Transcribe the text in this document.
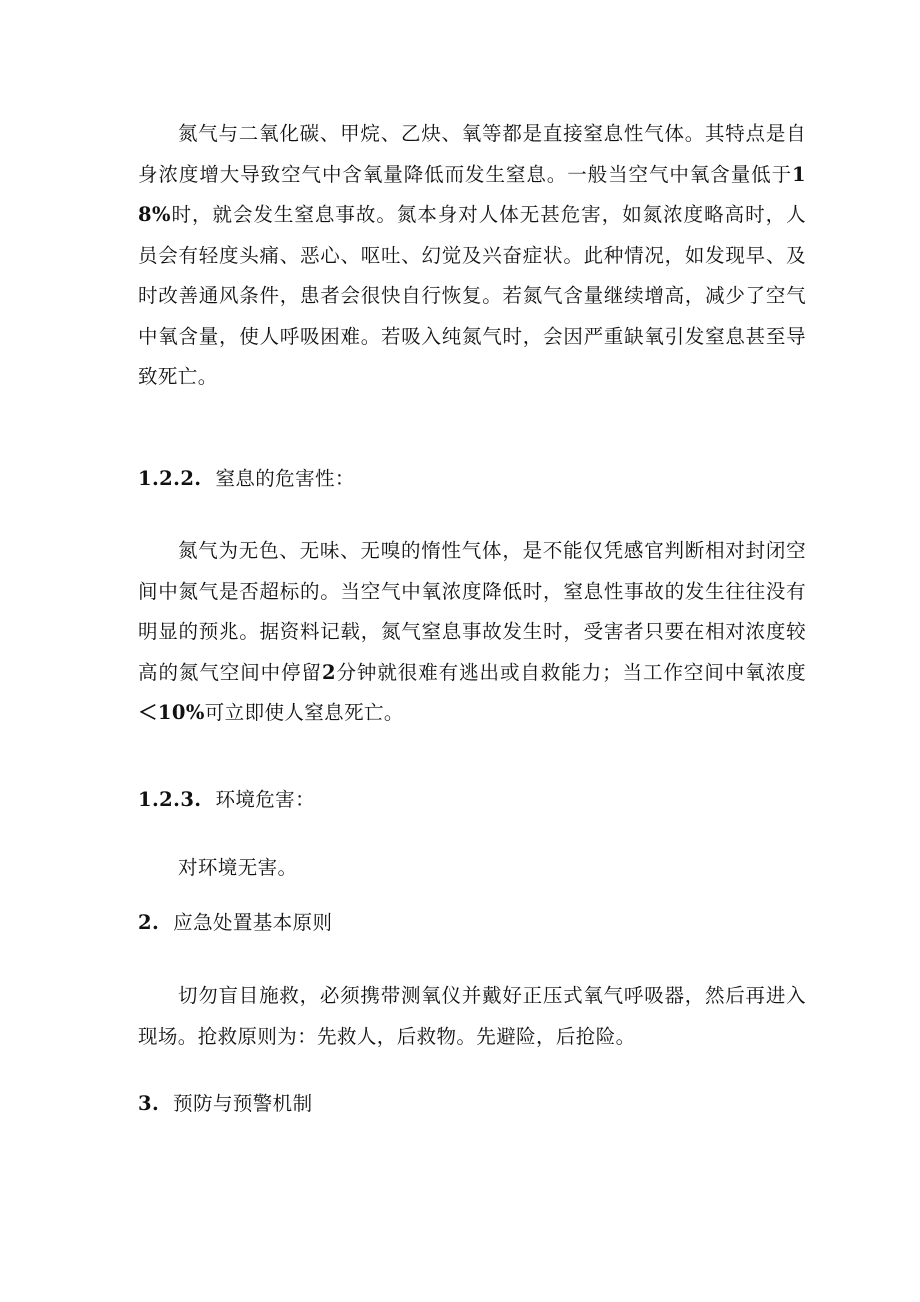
氮气与二氧化碳、甲烷、乙炔、氧等都是直接窒息性气体。其特点是自身浓度增大导致空气中含氧量降低而发生窒息。一般当空气中氧含量低于18%时，就会发生窒息事故。氮本身对人体无甚危害，如氮浓度略高时，人员会有轻度头痛、恶心、呕吐、幻觉及兴奋症状。此种情况，如发现早、及时改善通风条件，患者会很快自行恢复。若氮气含量继续增高，减少了空气中氧含量，使人呼吸困难。若吸入纯氮气时，会因严重缺氧引发窒息甚至导致死亡。

1.2.2. 窒息的危害性：

氮气为无色、无味、无嗅的惰性气体，是不能仅凭感官判断相对封闭空间中氮气是否超标的。当空气中氧浓度降低时，窒息性事故的发生往往没有明显的预兆。据资料记载，氮气窒息事故发生时，受害者只要在相对浓度较高的氮气空间中停留2分钟就很难有逃出或自救能力；当工作空间中氧浓度＜10%可立即使人窒息死亡。

1.2.3. 环境危害：

对环境无害。

2. 应急处置基本原则

切勿盲目施救，必须携带测氧仪并戴好正压式氧气呼吸器，然后再进入现场。抢救原则为：先救人，后救物。先避险，后抢险。

3. 预防与预警机制
